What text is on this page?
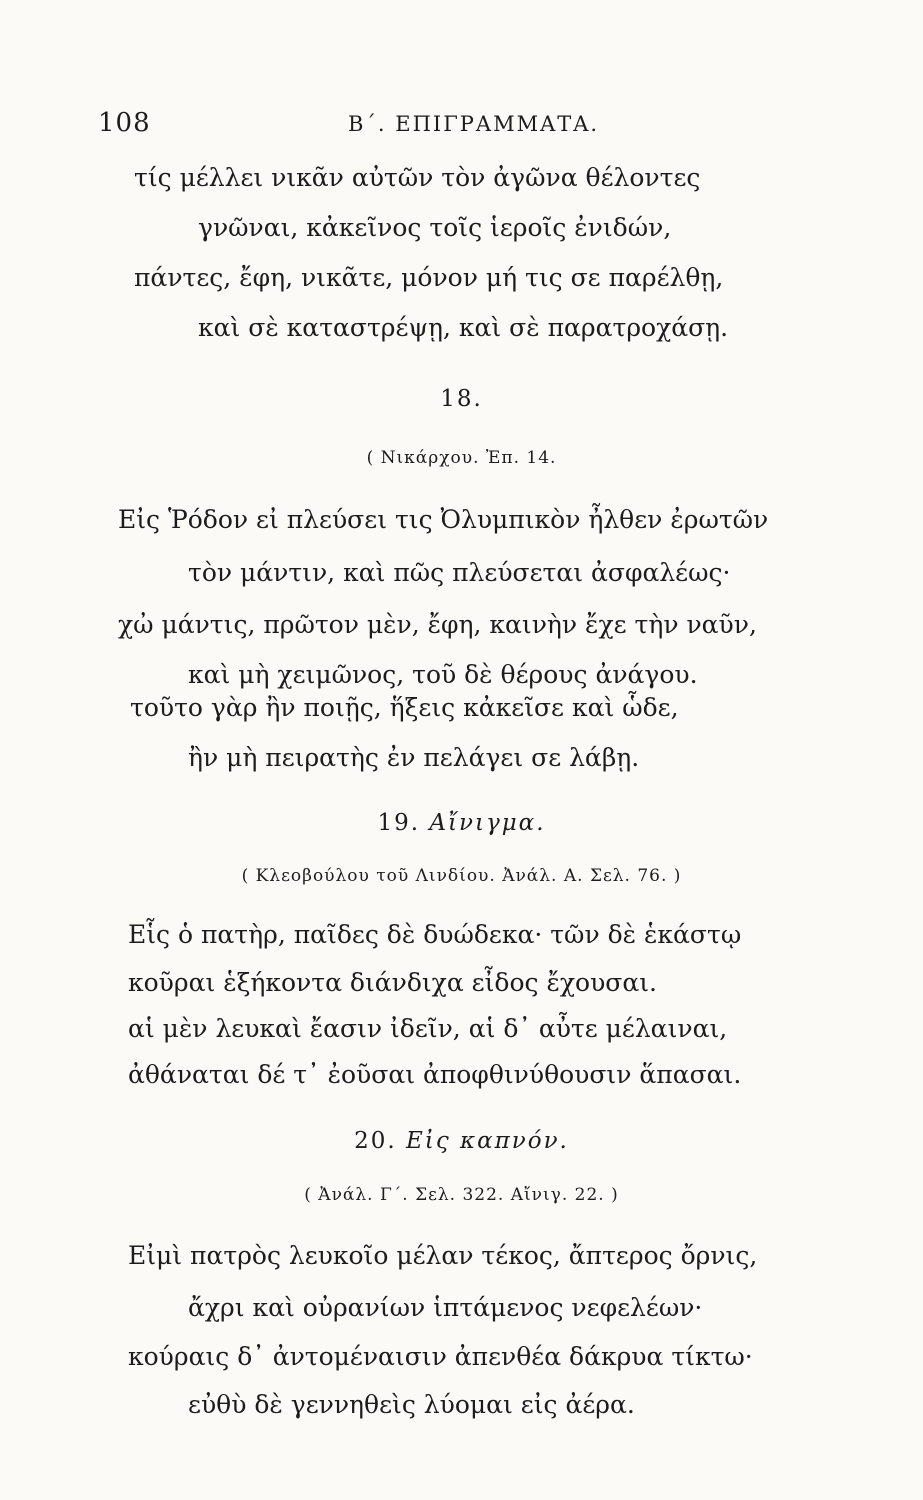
108	Β΄. ΕΠΙΓΡΑΜΜΑΤΑ.
τίς μέλλει νικᾶν αὐτῶν τὸν ἀγῶνα θέλοντες
γνῶναι, κἀκεῖνος τοῖς ἱεροῖς ἐνιδών,
πάντες, ἔφη, νικᾶτε, μόνον μή τις σε παρέλθῃ,
καὶ σὲ καταστρέψῃ, καὶ σὲ παρατροχάσῃ.
18.
( Νικάρχου. Ἐπ. 14.
Εἰς Ῥόδον εἰ πλεύσει τις Ὀλυμπικὸν ἦλθεν ἐρωτῶν
τὸν μάντιν, καὶ πῶς πλεύσεται ἀσφαλέως·
χὠ μάντις, πρῶτον μὲν, ἔφη, καινὴν ἔχε τὴν ναῦν,
καὶ μὴ χειμῶνος, τοῦ δὲ θέρους ἀνάγου.
τοῦτο γὰρ ἢν ποιῇς, ἥξεις κἀκεῖσε καὶ ὧδε,
ἢν μὴ πειρατὴς ἐν πελάγει σε λάβῃ.
19. Αἴνιγμα.
( Κλεοβούλου τοῦ Λινδίου. Ἀνάλ. Α. Σελ. 76. )
Εἷς ὁ πατὴρ, παῖδες δὲ δυώδεκα· τῶν δὲ ἑκάστῳ
κοῦραι ἑξήκοντα διάνδιχα εἶδος ἔχουσαι.
αἱ μὲν λευκαὶ ἔασιν ἰδεῖν, αἱ δ᾽ αὖτε μέλαιναι,
ἀθάναται δέ τ᾽ ἐοῦσαι ἀποφθινύθουσιν ἅπασαι.
20. Εἰς καπνόν.
( Ἀνάλ. Γ΄. Σελ. 322. Αἴνιγ. 22. )
Εἰμὶ πατρὸς λευκοῖο μέλαν τέκος, ἄπτερος ὄρνις,
ἄχρι καὶ οὐρανίων ἱπτάμενος νεφελέων·
κούραις δ᾽ ἀντομέναισιν ἀπενθέα δάκρυα τίκτω·
εὐθὺ δὲ γεννηθεὶς λύομαι εἰς ἀέρα.
